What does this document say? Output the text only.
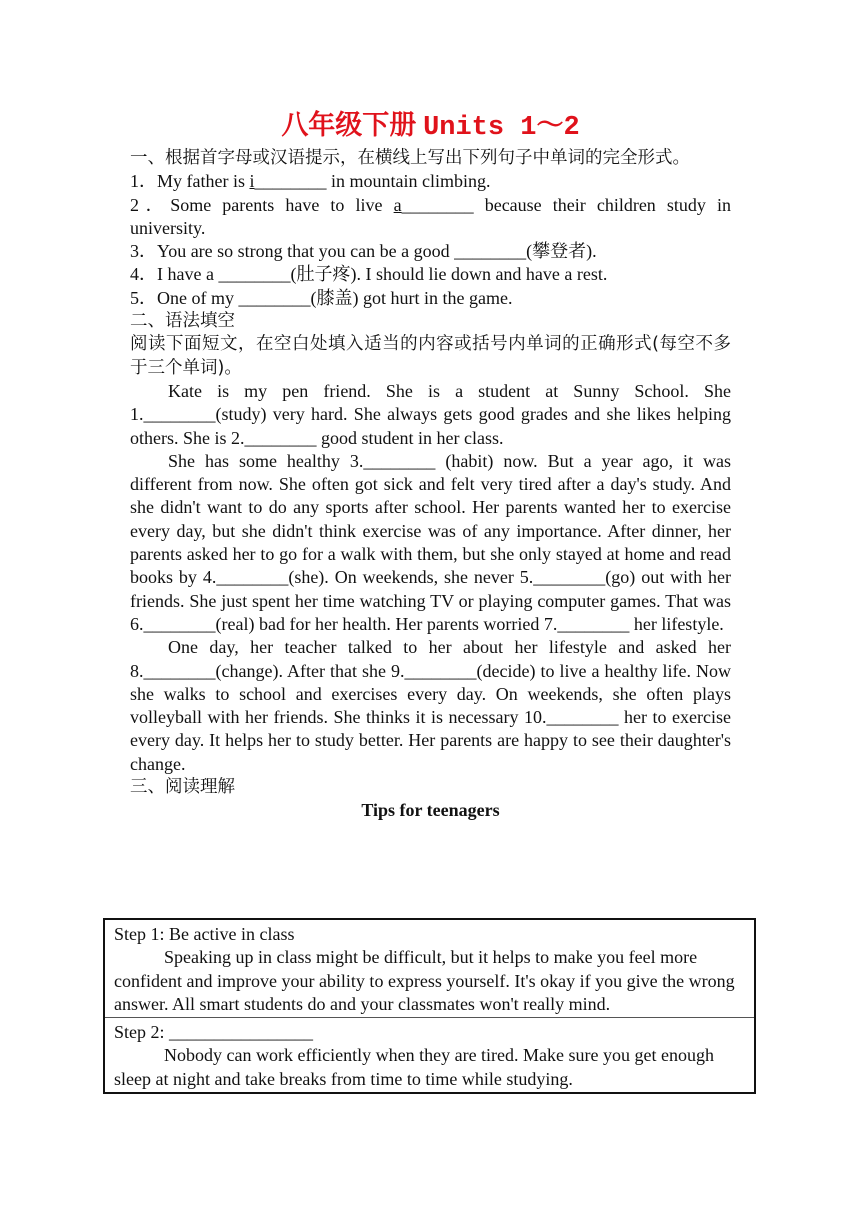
八年级下册 Units 1～2

一、根据首字母或汉语提示，在横线上写出下列句子中单词的完全形式。

1．My father is i________ in mountain climbing.

2．Some parents have to live a________ because their children study in university.

3．You are so strong that you can be a good ________(攀登者).

4．I have a ________(肚子疼). I should lie down and have a rest.

5．One of my ________(膝盖) got hurt in the game.

二、语法填空

阅读下面短文，在空白处填入适当的内容或括号内单词的正确形式(每空不多于三个单词)。

Kate is my pen friend. She is a student at Sunny School. She 1.________(study) very hard. She always gets good grades and she likes helping others. She is 2.________ good student in her class.

She has some healthy 3.________ (habit) now. But a year ago, it was different from now. She often got sick and felt very tired after a day's study. And she didn't want to do any sports after school. Her parents wanted her to exercise every day, but she didn't think exercise was of any importance. After dinner, her parents asked her to go for a walk with them, but she only stayed at home and read books by 4.________(she). On weekends, she never 5.________(go) out with her friends. She just spent her time watching TV or playing computer games. That was 6.________(real) bad for her health. Her parents worried 7.________ her lifestyle.

One day, her teacher talked to her about her lifestyle and asked her 8.________(change). After that she 9.________(decide) to live a healthy life. Now she walks to school and exercises every day. On weekends, she often plays volleyball with her friends. She thinks it is necessary 10.________ her to exercise every day. It helps her to study better. Her parents are happy to see their daughter's change.

三、阅读理解

Tips for teenagers
Step 1: Be active in class
Speaking up in class might be difficult, but it helps to make you feel more confident and improve your ability to express yourself. It's okay if you give the wrong answer. All smart students do and your classmates won't really mind.

Step 2: ________________
Nobody can work efficiently when they are tired. Make sure you get enough sleep at night and take breaks from time to time while studying.
